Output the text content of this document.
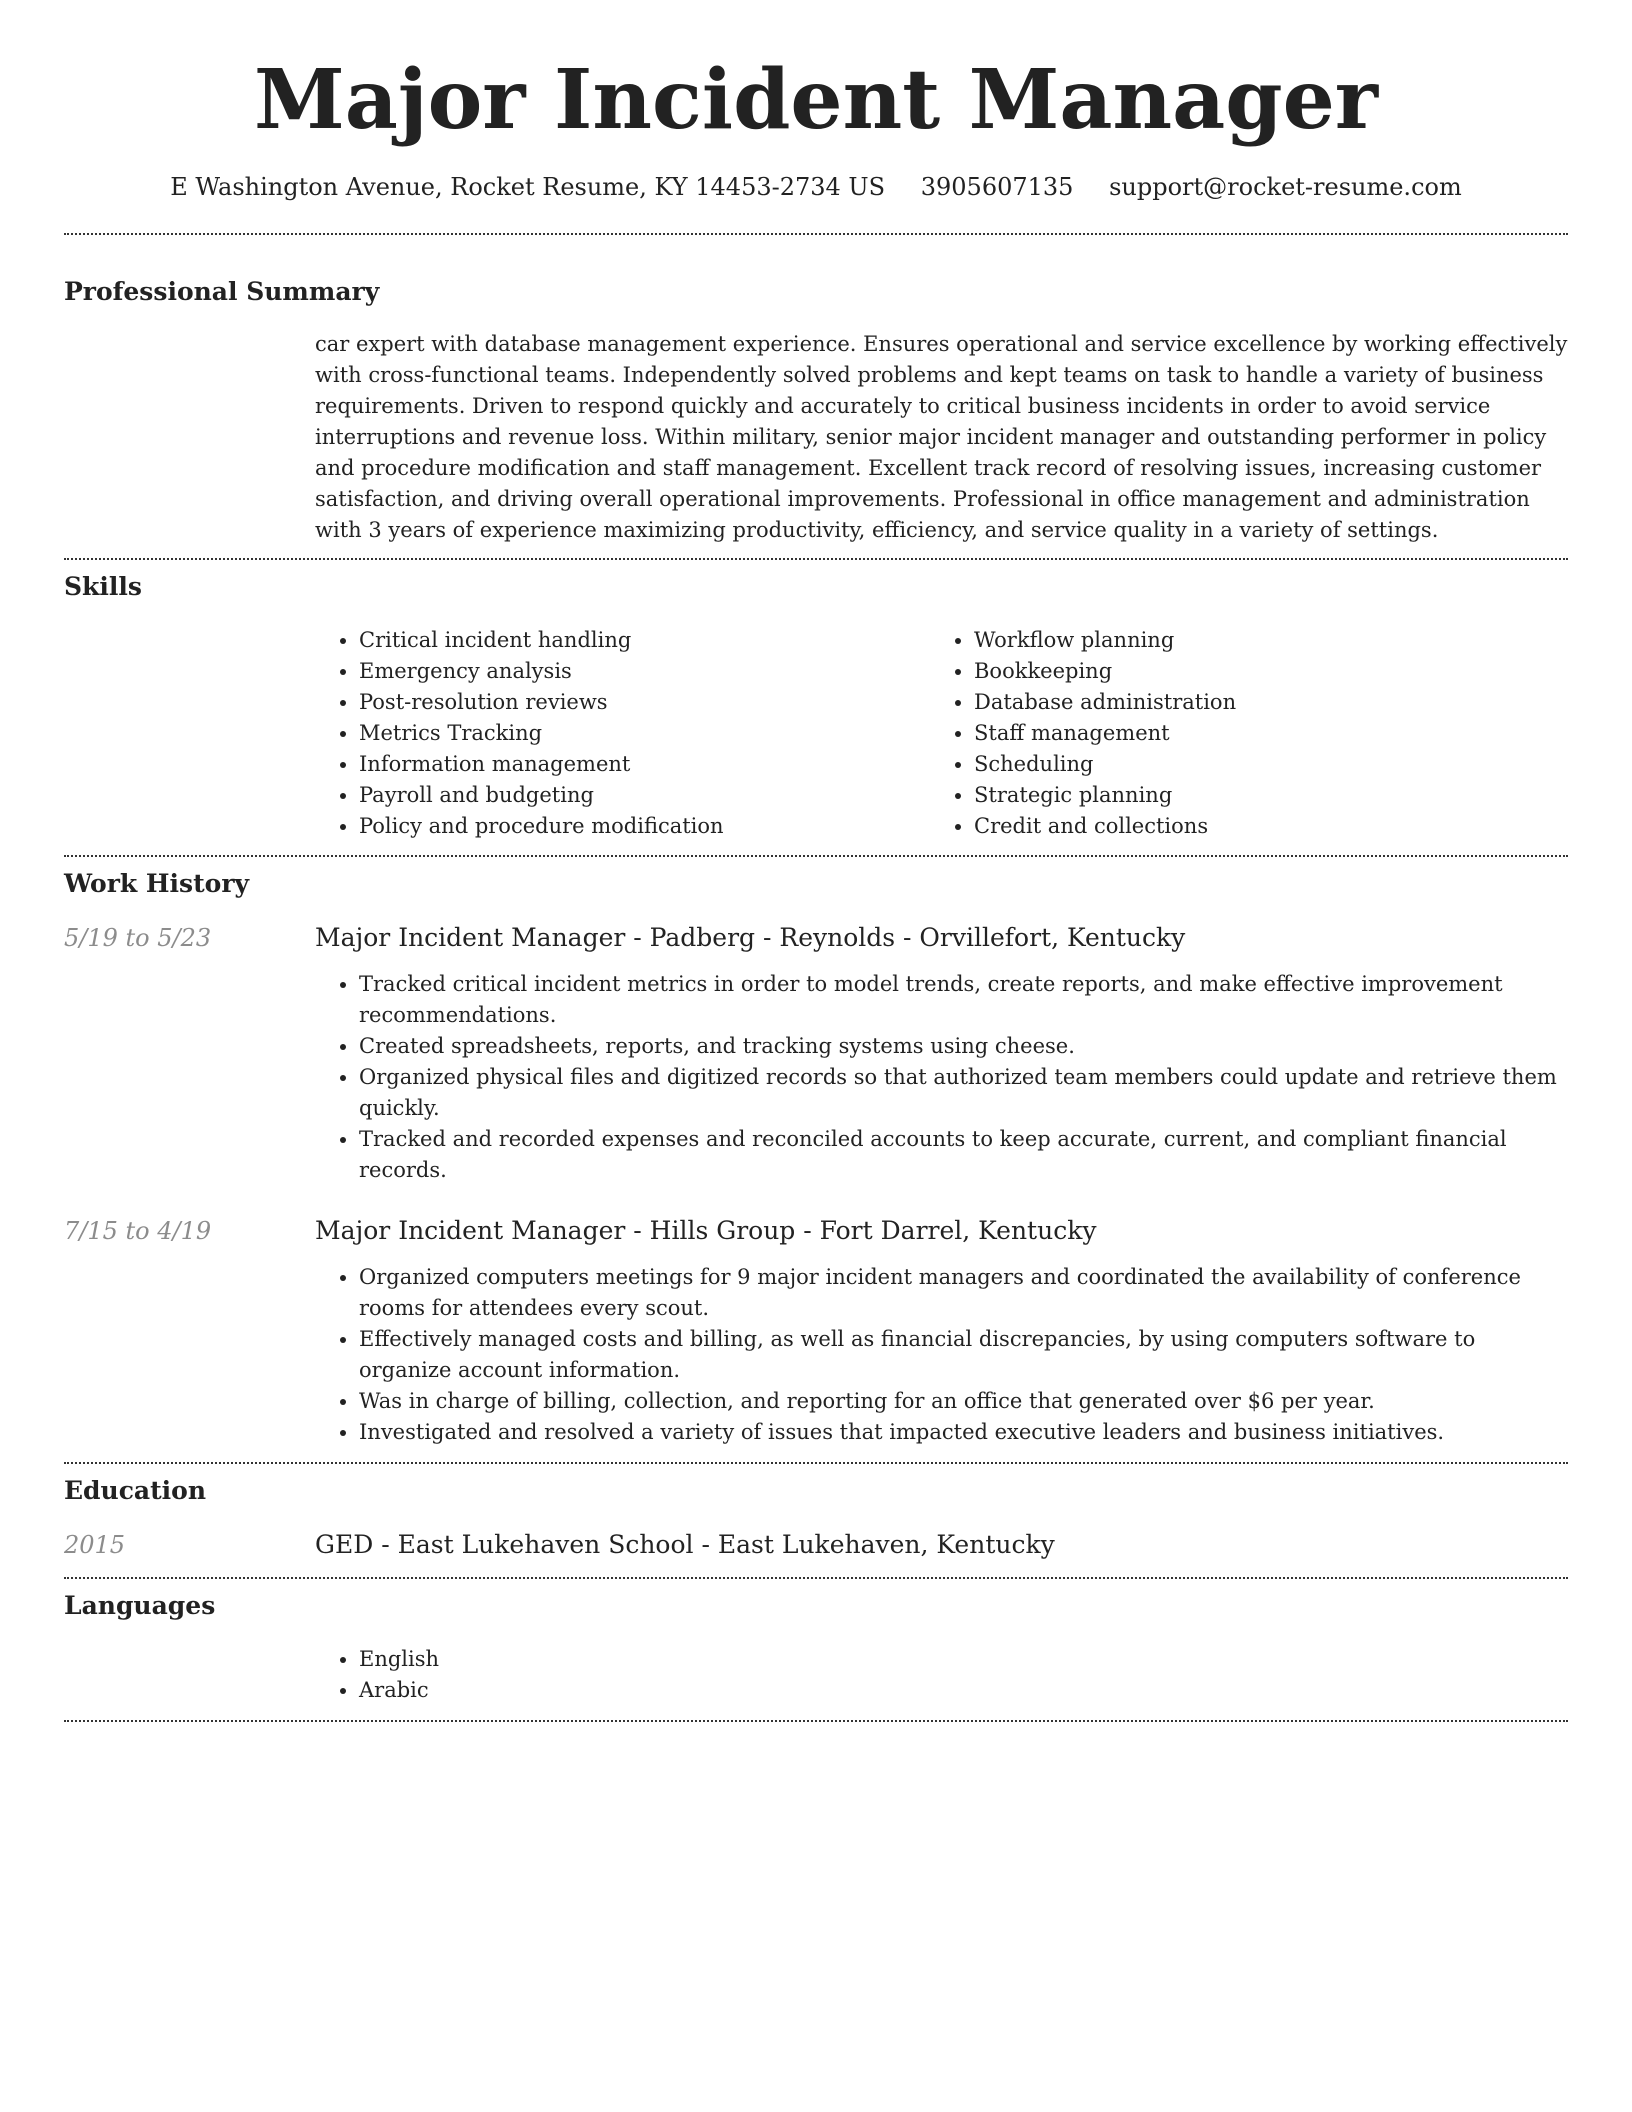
Major Incident Manager
E Washington Avenue, Rocket Resume, KY 14453-2734 US 3905607135 support@rocket-resume.com
Professional Summary
car expert with database management experience. Ensures operational and service excellence by working effectively with cross-functional teams. Independently solved problems and kept teams on task to handle a variety of business requirements. Driven to respond quickly and accurately to critical business incidents in order to avoid service interruptions and revenue loss. Within military, senior major incident manager and outstanding performer in policy and procedure modification and staff management. Excellent track record of resolving issues, increasing customer satisfaction, and driving overall operational improvements. Professional in office management and administration with 3 years of experience maximizing productivity, efficiency, and service quality in a variety of settings.
Skills
• Critical incident handling
• Emergency analysis
• Post-resolution reviews
• Metrics Tracking
• Information management
• Payroll and budgeting
• Policy and procedure modification
• Workflow planning
• Bookkeeping
• Database administration
• Staff management
• Scheduling
• Strategic planning
• Credit and collections
Work History
5/19 to 5/23	Major Incident Manager - Padberg - Reynolds - Orvillefort, Kentucky
• Tracked critical incident metrics in order to model trends, create reports, and make effective improvement recommendations.
• Created spreadsheets, reports, and tracking systems using cheese.
• Organized physical files and digitized records so that authorized team members could update and retrieve them quickly.
• Tracked and recorded expenses and reconciled accounts to keep accurate, current, and compliant financial records.
7/15 to 4/19	Major Incident Manager - Hills Group - Fort Darrel, Kentucky
• Organized computers meetings for 9 major incident managers and coordinated the availability of conference rooms for attendees every scout.
• Effectively managed costs and billing, as well as financial discrepancies, by using computers software to organize account information.
• Was in charge of billing, collection, and reporting for an office that generated over $6 per year.
• Investigated and resolved a variety of issues that impacted executive leaders and business initiatives.
Education
2015	GED - East Lukehaven School - East Lukehaven, Kentucky
Languages
• English
• Arabic
